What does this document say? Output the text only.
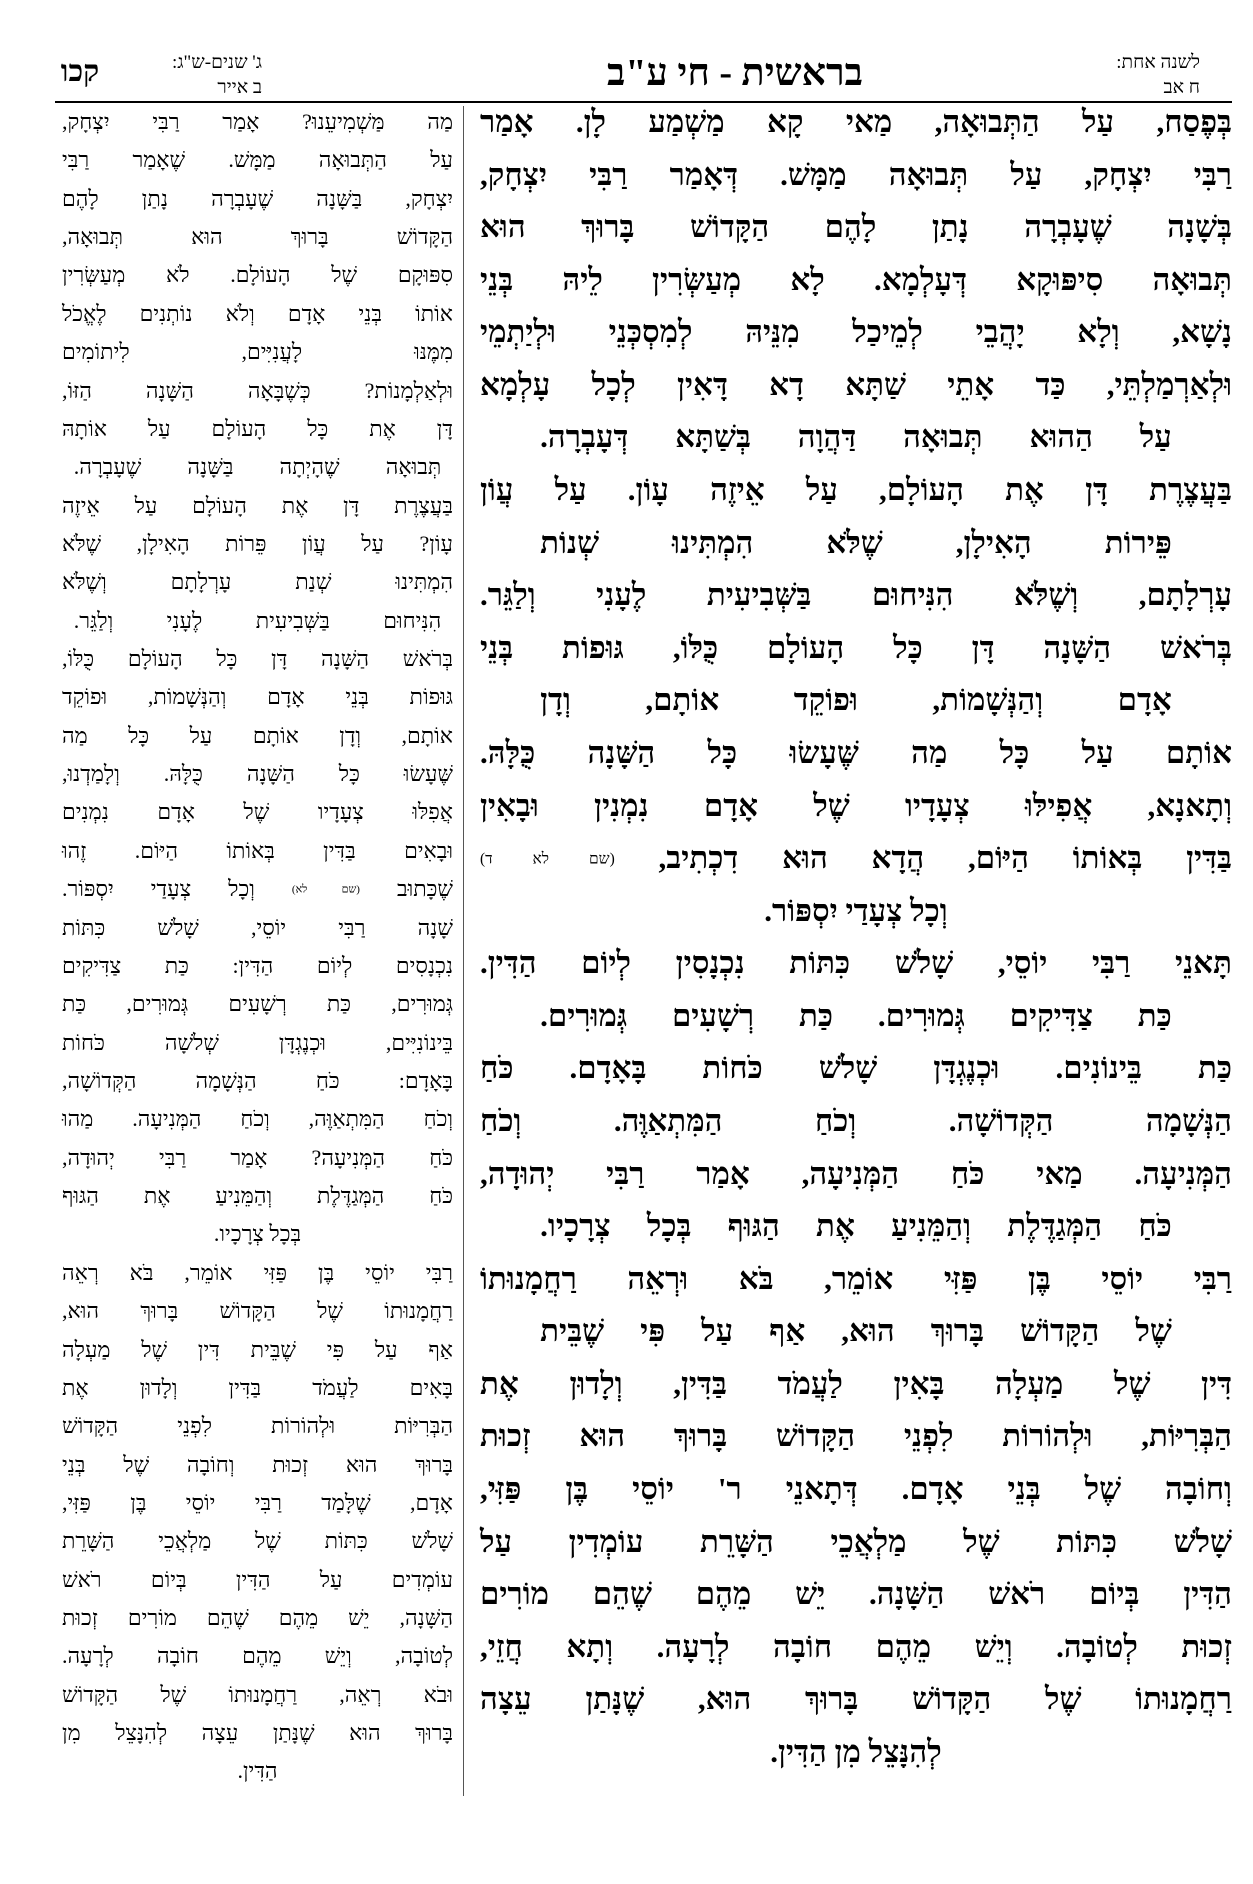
קכו	ג' שנים-ש"ג:
ב אייר	בראשית - חי ע"ב	לשנה אחת:
ח אב
בְּפֶסַח, עַל הַתְּבוּאָה, מַאי קָא מַשְׁמַע לָן. אָמַר
רַבִּי יִצְחָק, עַל תְּבוּאָה מַמָּשׁ. דְּאָמַר רַבִּי יִצְחָק,
בְּשָׁנָה שֶׁעָבְרָה נָתַן לָהֶם הַקָּדוֹשׁ בָּרוּךְ הוּא
תְּבוּאָה סִיפּוּקָא דְּעָלְמָא. לָא מְעַשְּׂרִין לֵיהּ בְּנֵי
נָשָׁא, וְלָא יָהֲבֵי לְמֵיכַל מִנֵּיהּ לְמִסְכְּנֵי וּלְיַתְמֵי
וּלְאַרְמַלְתֵּי, כַּד אָתֵי שַׁתָּא דָא דָּאִין לְכָל עָלְמָא
עַל הַהוּא תְּבוּאָה דַּהֲוָה בְּשַׁתָּא דְּעָבְרָה.
בַּעֲצֶרֶת דָּן אֶת הָעוֹלָם, עַל אֵיזֶה עָוֹן. עַל עֲוֹן
פֵּירוֹת הָאִילָן, שֶׁלֹּא הִמְתִּינוּ שְׁנוֹת
עָרְלָתָם, וְשֶׁלֹּא הִנִּיחוּם בַּשְּׁבִיעִית לֶעָנִי וְלַגֵּר.
בְּרֹאשׁ הַשָּׁנָה דָּן כָּל הָעוֹלָם כֻּלּוֹ, גּוּפוֹת בְּנֵי
אָדָם וְהַנְּשָׁמוֹת, וּפוֹקֵד אוֹתָם, וְדָן
אוֹתָם עַל כָּל מַה שֶּׁעָשׂוּ כָּל הַשָּׁנָה כֻּלָּהּ.
וְתָאנָא, אֲפִילּוּ צְעָדָיו שֶׁל אָדָם נִמְנִין וּבָאִין
בַּדִּין בְּאוֹתוֹ הַיּוֹם, הֲדָא הוּא דִכְתִיב, (שם לא ד)
וְכָל צְעָדַי יִסְפּוֹר.
תָּאנֵי רַבִּי יוֹסֵי, שָׁלֹשׁ כִּתּוֹת נִכְנָסִין לְיוֹם הַדִּין.
כַּת צַדִּיקִים גְּמוּרִים. כַּת רְשָׁעִים גְּמוּרִים.
כַּת בֵּינוֹנִים. וּכְנֶגְדָּן שָׁלֹשׁ כֹּחוֹת בָּאָדָם. כֹּחַ
הַנְּשָׁמָה הַקְּדוֹשָׁה. וְכֹחַ הַמִּתְאַוֶּה. וְכֹחַ
הַמְּנִיעָה. מַאי כֹּחַ הַמְּנִיעָה, אָמַר רַבִּי יְהוּדָה,
כֹּחַ הַמְּגַדֶּלֶת וְהַמֵּנִיעַ אֶת הַגּוּף בְּכָל צְרָכָיו.
רַבִּי יוֹסֵי בֶּן פַּזִּי אוֹמֵר, בֹּא וּרְאֵה רַחֲמָנוּתוֹ
שֶׁל הַקָּדוֹשׁ בָּרוּךְ הוּא, אַף עַל פִּי שֶׁבֵּית
דִּין שֶׁל מַעְלָה בָּאִין לַעֲמֹד בַּדִּין, וְלָדוּן אֶת
הַבְּרִיּוֹת, וּלְהוֹרוֹת לִפְנֵי הַקָּדוֹשׁ בָּרוּךְ הוּא זְכוּת
וְחוֹבָה שֶׁל בְּנֵי אָדָם. דְּתָאנֵי ר' יוֹסֵי בֶּן פַּזִּי,
שָׁלֹשׁ כִּתּוֹת שֶׁל מַלְאֲכֵי הַשָּׁרֵת עוֹמְדִין עַל
הַדִּין בְּיוֹם רֹאשׁ הַשָּׁנָה. יֵשׁ מֵהֶם שֶׁהֵם מוֹרִים
זְכוּת לְטוֹבָה. וְיֵשׁ מֵהֶם חוֹבָה לְרָעָה. וְתָא חֲזֵי,
רַחֲמָנוּתוֹ שֶׁל הַקָּדוֹשׁ בָּרוּךְ הוּא, שֶׁנָּתַן עֵצָה
לְהִנָּצֵל מִן הַדִּין.
מַה מַּשְׁמִיעֵנוּ? אָמַר רַבִּי יִצְחָק,
עַל הַתְּבוּאָה מַמָּשׁ. שֶׁאָמַר רַבִּי
יִצְחָק, בַּשָּׁנָה שֶׁעָבְרָה נָתַן לָהֶם
הַקָּדוֹשׁ בָּרוּךְ הוּא תְּבוּאָה,
סִפּוּקָם שֶׁל הָעוֹלָם. לֹא מְעַשְּׂרִין
אוֹתוֹ בְּנֵי אָדָם וְלֹא נוֹתְנִים לֶאֱכֹל
מִמֶּנּוּ לָעֲנִיִּים, לִיתוֹמִים
וּלְאַלְמָנוֹת? כְּשֶׁבָּאָה הַשָּׁנָה הַזּוֹ,
דָּן אֶת כָּל הָעוֹלָם עַל אוֹתָהּ
תְּבוּאָה שֶׁהָיְתָה בַּשָּׁנָה שֶׁעָבְרָה.
בַּעֲצֶרֶת דָּן אֶת הָעוֹלָם עַל אֵיזֶה
עָוֹן? עַל עֲוֹן פֵּרוֹת הָאִילָן, שֶׁלֹּא
הִמְתִּינוּ שְׁנַת עָרְלָתָם וְשֶׁלֹּא
הִנִּיחוּם בַּשְּׁבִיעִית לֶעָנִי וְלַגֵּר.
בְּרֹאשׁ הַשָּׁנָה דָּן כָּל הָעוֹלָם כֻּלּוֹ,
גּוּפוֹת בְּנֵי אָדָם וְהַנְּשָׁמוֹת, וּפוֹקֵד
אוֹתָם, וְדָן אוֹתָם עַל כָּל מַה
שֶּׁעָשׂוּ כָּל הַשָּׁנָה כֻּלָּהּ. וְלָמַדְנוּ,
אֲפִלּוּ צְעָדָיו שֶׁל אָדָם נִמְנִים
וּבָאִים בַּדִּין בְּאוֹתוֹ הַיּוֹם. זֶהוּ
שֶׁכָּתוּב (שם לא) וְכָל צְעָדַי יִסְפּוֹר.
שָׁנָה רַבִּי יוֹסֵי, שָׁלֹשׁ כִּתּוֹת
נִכְנָסִים לְיוֹם הַדִּין: כַּת צַדִּיקִים
גְּמוּרִים, כַּת רְשָׁעִים גְּמוּרִים, כַּת
בֵּינוֹנִיִּים, וּכְנֶגְדָּן שְׁלֹשָׁה כֹּחוֹת
בָּאָדָם: כֹּחַ הַנְּשָׁמָה הַקְּדוֹשָׁה,
וְכֹחַ הַמִּתְאַוֶּה, וְכֹחַ הַמְּנִיעָה. מַהוּ
כֹּחַ הַמְּנִיעָה? אָמַר רַבִּי יְהוּדָה,
כֹּחַ הַמְּגַדֶּלֶת וְהַמֵּנִיעַ אֶת הַגּוּף
בְּכָל צְרָכָיו.
רַבִּי יוֹסֵי בֶּן פַּזִּי אוֹמֵר, בֹּא רְאֵה
רַחֲמָנוּתוֹ שֶׁל הַקָּדוֹשׁ בָּרוּךְ הוּא,
אַף עַל פִּי שֶׁבֵּית דִּין שֶׁל מַעְלָה
בָּאִים לַעֲמֹד בַּדִּין וְלָדוּן אֶת
הַבְּרִיּוֹת וּלְהוֹרוֹת לִפְנֵי הַקָּדוֹשׁ
בָּרוּךְ הוּא זְכוּת וְחוֹבָה שֶׁל בְּנֵי
אָדָם, שֶׁלָּמַד רַבִּי יוֹסֵי בֶּן פַּזִּי,
שָׁלֹשׁ כִּתּוֹת שֶׁל מַלְאֲכֵי הַשָּׁרֵת
עוֹמְדִים עַל הַדִּין בְּיוֹם רֹאשׁ
הַשָּׁנָה, יֵשׁ מֵהֶם שֶׁהֵם מוֹרִים זְכוּת
לְטוֹבָה, וְיֵשׁ מֵהֶם חוֹבָה לְרָעָה.
וּבֹא רְאֵה, רַחֲמָנוּתוֹ שֶׁל הַקָּדוֹשׁ
בָּרוּךְ הוּא שֶׁנָּתַן עֵצָה לְהִנָּצֵל מִן
הַדִּין.
